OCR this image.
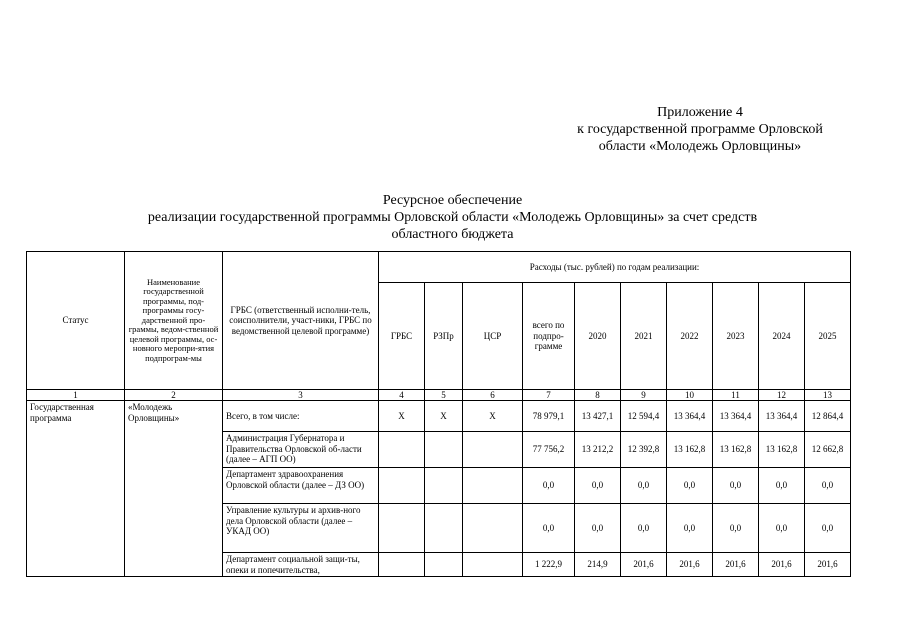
Приложение 4
к государственной программе Орловской
области «Молодежь Орловщины»
Ресурсное обеспечение
реализации государственной программы Орловской области «Молодежь Орловщины» за счет средств
областного бюджета
Статус	Наименование государственной программы, под-программы госу-дарственной про-граммы, ведом-ственной целевой программы, ос-новного меропри-ятия подпрограм-мы	ГРБС (ответственный исполни-тель, соисполнители, участ-ники, ГРБС по ведомственной целевой программе)	Расходы (тыс. рублей) по годам реализации:									
			ГРБС	РЗПр	ЦСР	всего по подпро-грамме	2020	2021	2022	2023	2024	2025
1	2	3	4	5	6	7	8	9	10	11	12	13
Государственная программа	«Молодежь Орловщины»	Всего, в том числе:	Х	Х	Х	78 979,1	13 427,1	12 594,4	13 364,4	13 364,4	13 364,4	12 864,4
		Администрация Губернатора и Правительства Орловской об-ласти (далее – АГП ОО)				77 756,2	13 212,2	12 392,8	13 162,8	13 162,8	13 162,8	12 662,8
		Департамент здравоохранения Орловской области (далее – ДЗ ОО)				0,0	0,0	0,0	0,0	0,0	0,0	0,0
		Управление культуры и архив-ного дела Орловской области (далее – УКАД ОО)				0,0	0,0	0,0	0,0	0,0	0,0	0,0
		Департамент социальной защи-ты, опеки и попечительства,				1 222,9	214,9	201,6	201,6	201,6	201,6	201,6
